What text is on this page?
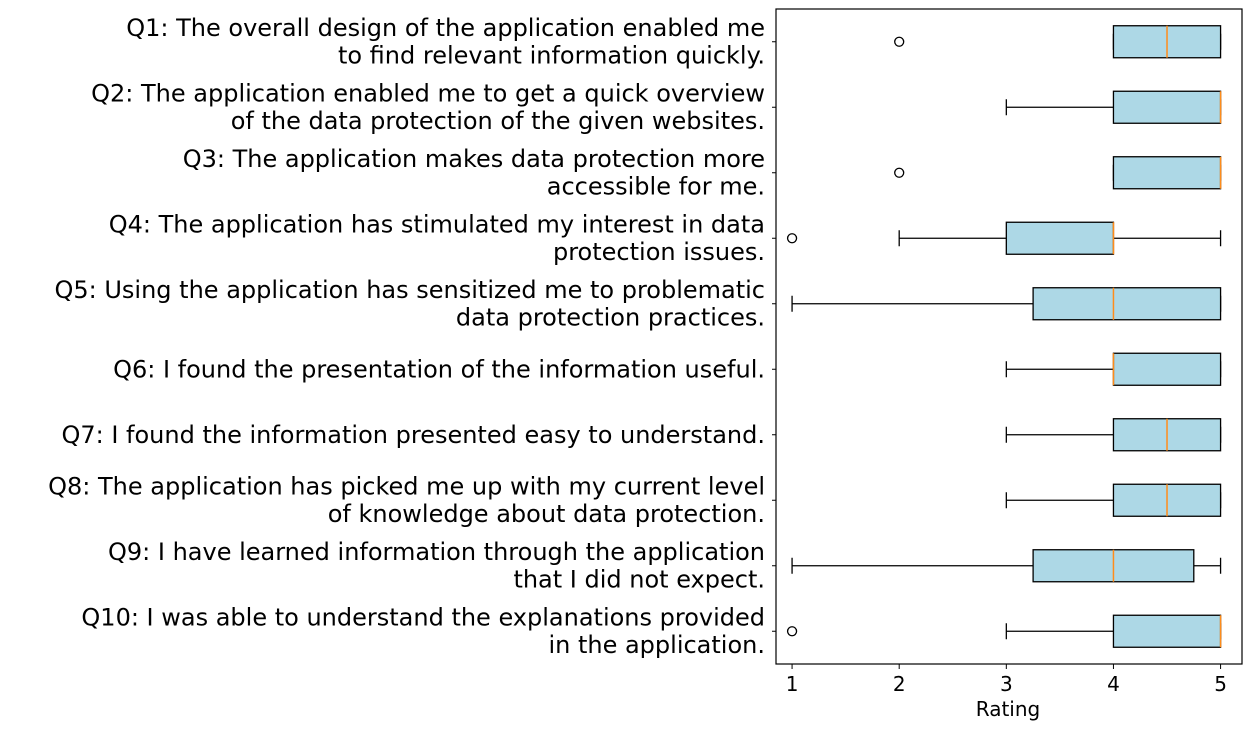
Q1: The overall design of the application enabled me
to find relevant information quickly.
Q2: The application enabled me to get a quick overview
of the data protection of the given websites.
Q3: The application makes data protection more
accessible for me.
Q4: The application has stimulated my interest in data
protection issues.
Q5: Using the application has sensitized me to problematic
data protection practices.
Q6: I found the presentation of the information useful.
Q7: I found the information presented easy to understand.
Q8: The application has picked me up with my current level
of knowledge about data protection.
Q9: I have learned information through the application
that I did not expect.
Q10: I was able to understand the explanations provided
in the application.
1	2	3	4	5
Rating
